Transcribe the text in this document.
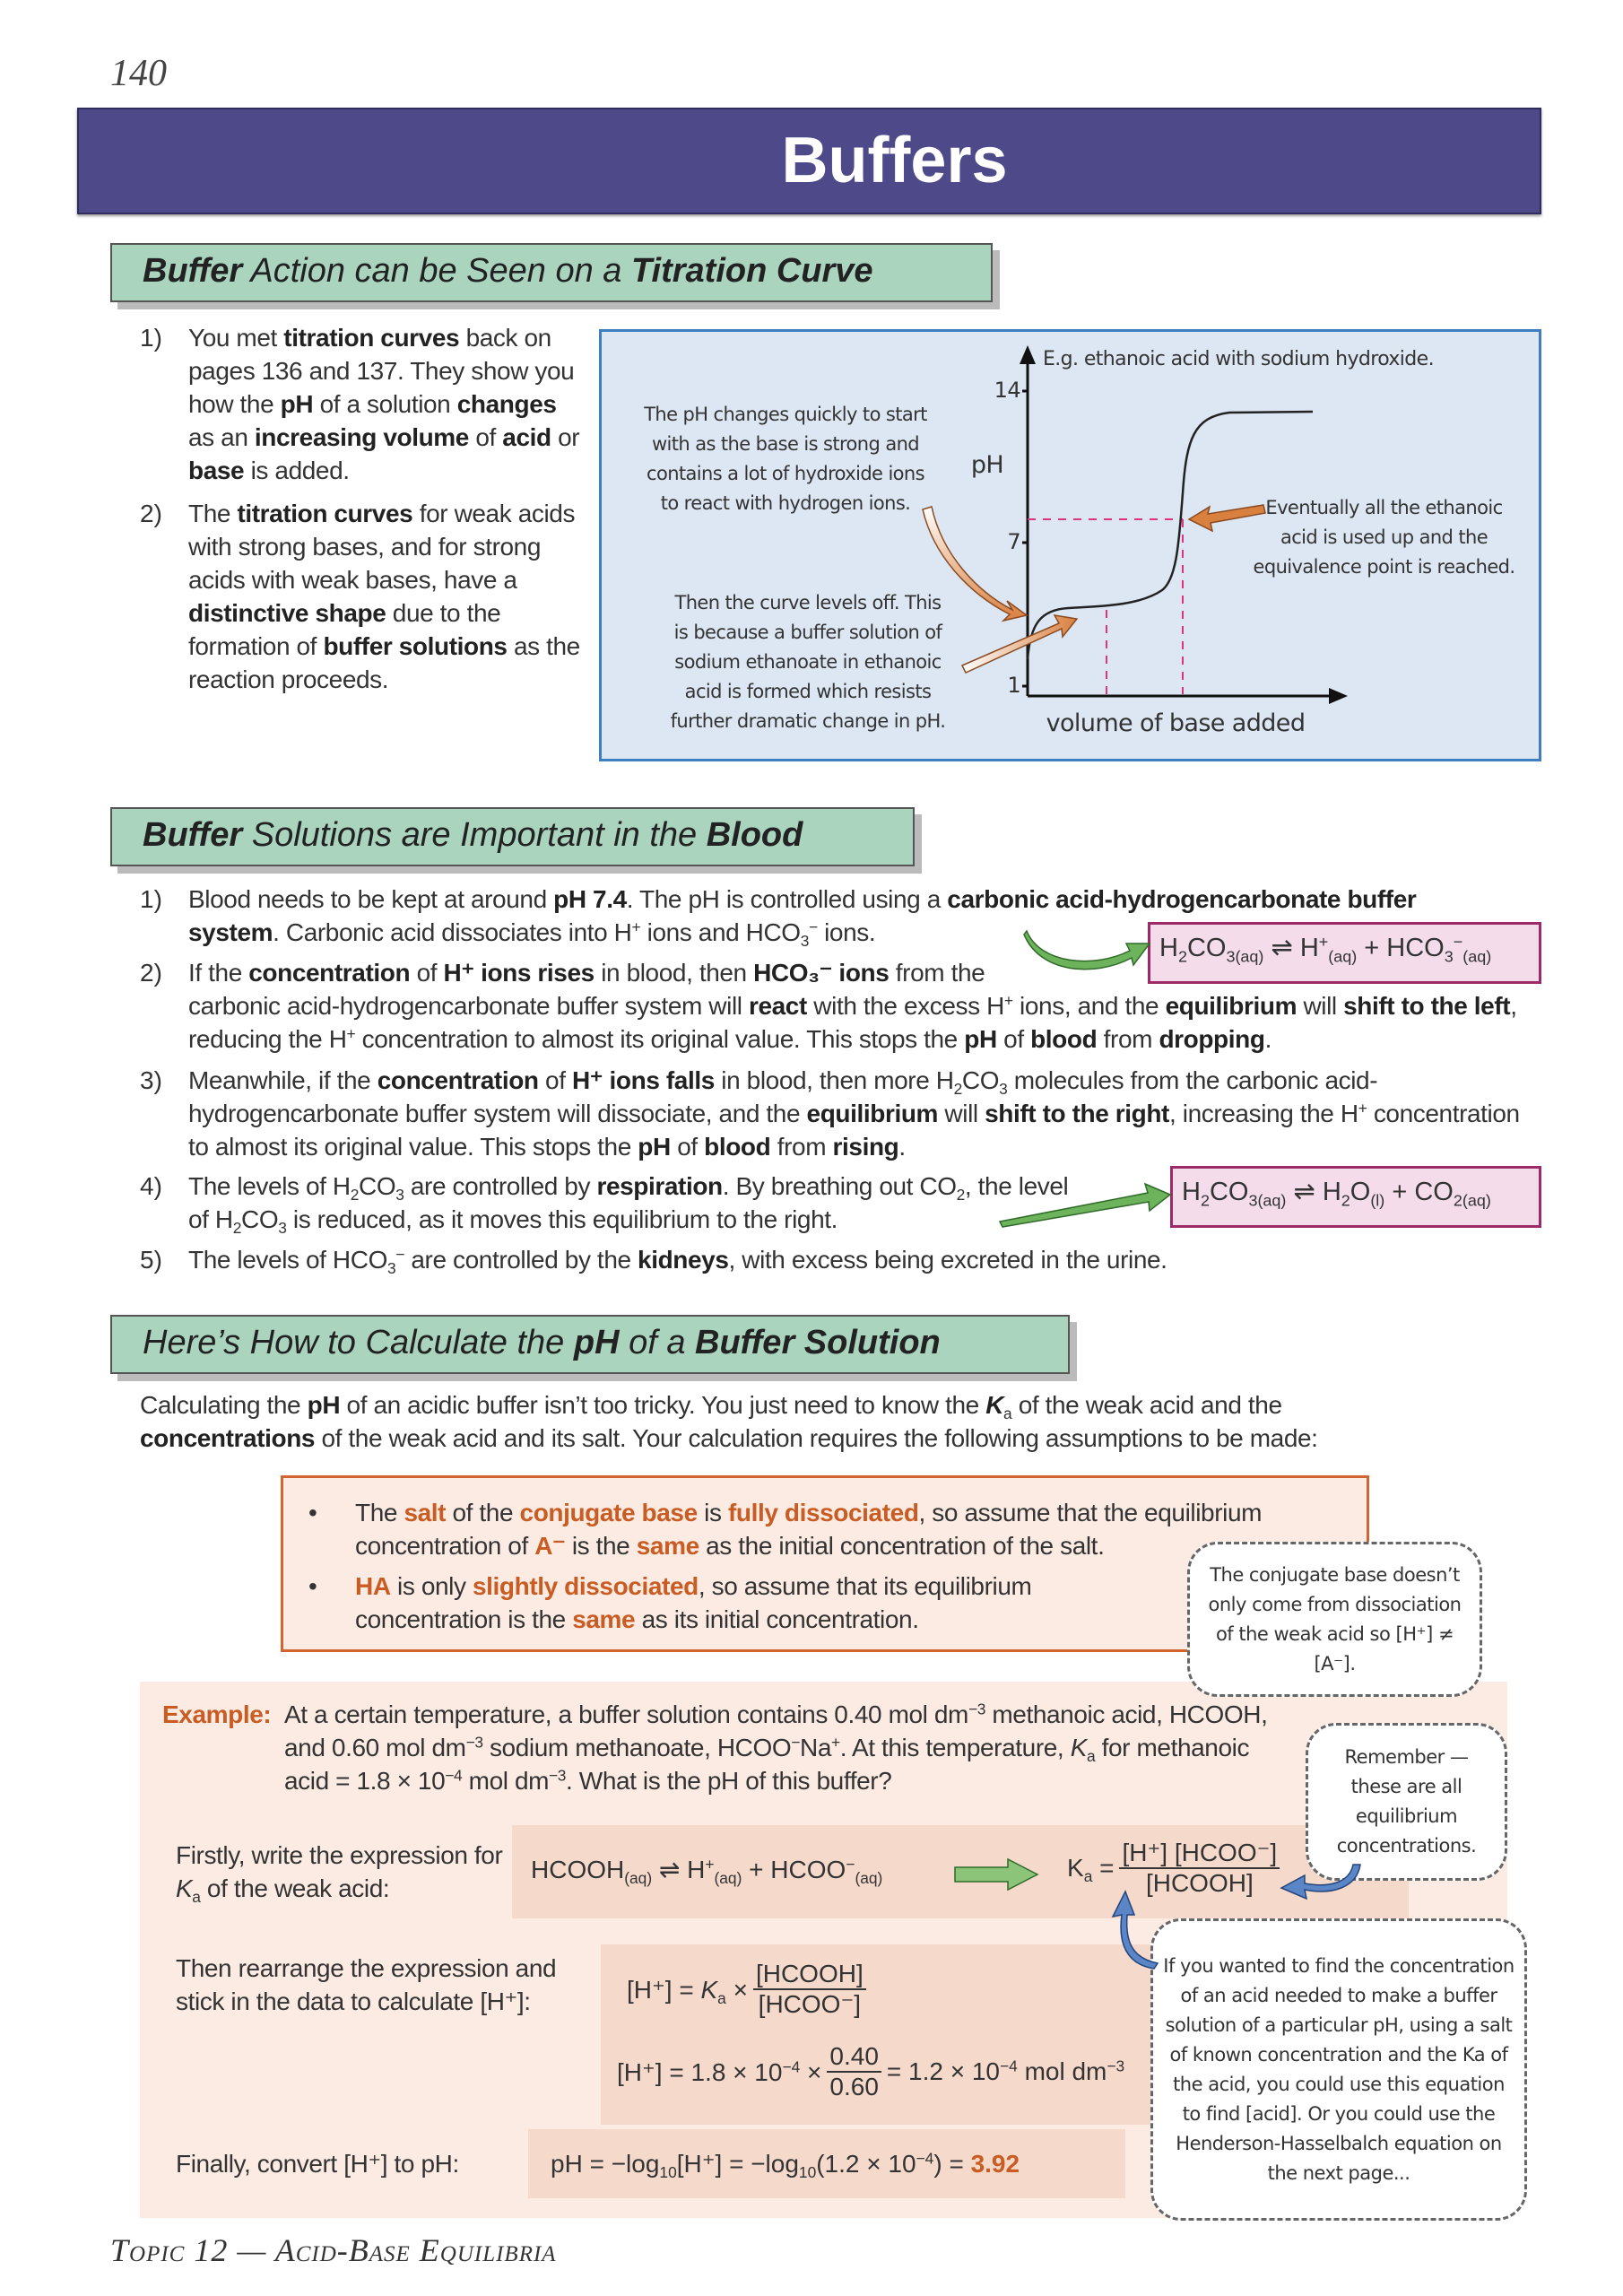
140
Buffers
Buffer Action can be Seen on a Titration Curve
1) You met titration curves back on pages 136 and 137. They show you how the pH of a solution changes as an increasing volume of acid or base is added.
2) The titration curves for weak acids with strong bases, and for strong acids with weak bases, have a distinctive shape due to the formation of buffer solutions as the reaction proceeds.
E.g. ethanoic acid with sodium hydroxide.
14
7
1
pH
volume of base added
The pH changes quickly to start
with as the base is strong and
contains a lot of hydroxide ions
to react with hydrogen ions.
Then the curve levels off. This
is because a buffer solution of
sodium ethanoate in ethanoic
acid is formed which resists
further dramatic change in pH.
Eventually all the ethanoic
acid is used up and the
equivalence point is reached.
Buffer Solutions are Important in the Blood
1) Blood needs to be kept at around pH 7.4. The pH is controlled using a carbonic acid-hydrogencarbonate buffer system. Carbonic acid dissociates into H+ ions and $HCO_3^-$ ions.
2) If the concentration of H⁺ ions rises in blood, then HCO₃⁻ ions from the
carbonic acid-hydrogencarbonate buffer system will react with the excess H+ ions, and the equilibrium will shift to the left, reducing the H+ concentration to almost its original value. This stops the pH of blood from dropping.
3) Meanwhile, if the concentration of H⁺ ions falls in blood, then more $H_2CO_3$ molecules from the carbonic acid-hydrogencarbonate buffer system will dissociate, and the equilibrium will shift to the right, increasing the H+ concentration to almost its original value. This stops the pH of blood from rising.
4) The levels of $H_2CO_3$ are controlled by respiration. By breathing out $CO_2$, the level of $H_2CO_3$ is reduced, as it moves this equilibrium to the right.
5) The levels of $HCO_3^-$ are controlled by the kidneys, with excess being excreted in the urine.
$H_2CO_{3(aq)}$ ⇌ $H^+_{(aq)} + HCO_3^-_{(aq)}$
$H_2CO_{3(aq)}$ ⇌ $H_2O_{(l)} + CO_{2(aq)}$
Here’s How to Calculate the pH of a Buffer Solution
Calculating the pH of an acidic buffer isn’t too tricky. You just need to know the $K_a$ of the weak acid and the concentrations of the weak acid and its salt. Your calculation requires the following assumptions to be made:
• The salt of the conjugate base is fully dissociated, so assume that the equilibrium concentration of A⁻ is the same as the initial concentration of the salt.
• HA is only slightly dissociated, so assume that its equilibrium concentration is the same as its initial concentration.
The conjugate base doesn’t only come from dissociation of the weak acid so [H⁺] ≠ [A⁻].
Example: At a certain temperature, a buffer solution contains 0.40 mol $dm^{-3}$ methanoic acid, HCOOH, and 0.60 mol $dm^{-3}$ sodium methanoate, HCOO−Na+. At this temperature, $K_a$ for methanoic acid = $1.8 \times 10^{-4}$ mol $dm^{-3}$. What is the pH of this buffer?
Firstly, write the expression for $K_a$ of the weak acid:
$HCOOH_{(aq)}$ ⇌ $H^+_{(aq)}$ + $HCOO^-_{(aq)}$	$K_a = \frac{\text{[H⁺] [HCOO⁻]}}{\text{[HCOOH]}}$
Remember — these are all equilibrium concentrations.
Then rearrange the expression and stick in the data to calculate [H⁺]:	$[H^+] = K_a \times \frac{\text{[HCOOH]}}{\text{[HCOO⁻]}}$
$[H^+] = 1.8 \times 10^{-4} \times \frac{0.40}{0.60} = 1.2 \times 10^{-4}$ mol $dm^{-3}$
Finally, convert [H⁺] to pH:	pH = $-\log_{10}[H^+] = -\log_{10}(1.2 \times 10^{-4}) = 3.92$
If you wanted to find the concentration of an acid needed to make a buffer solution of a particular pH, using a salt of known concentration and the Ka of the acid, you could use this equation to find [acid]. Or you could use the Henderson-Hasselbalch equation on the next page...
Topic 12 — Acid-Base Equilibria
